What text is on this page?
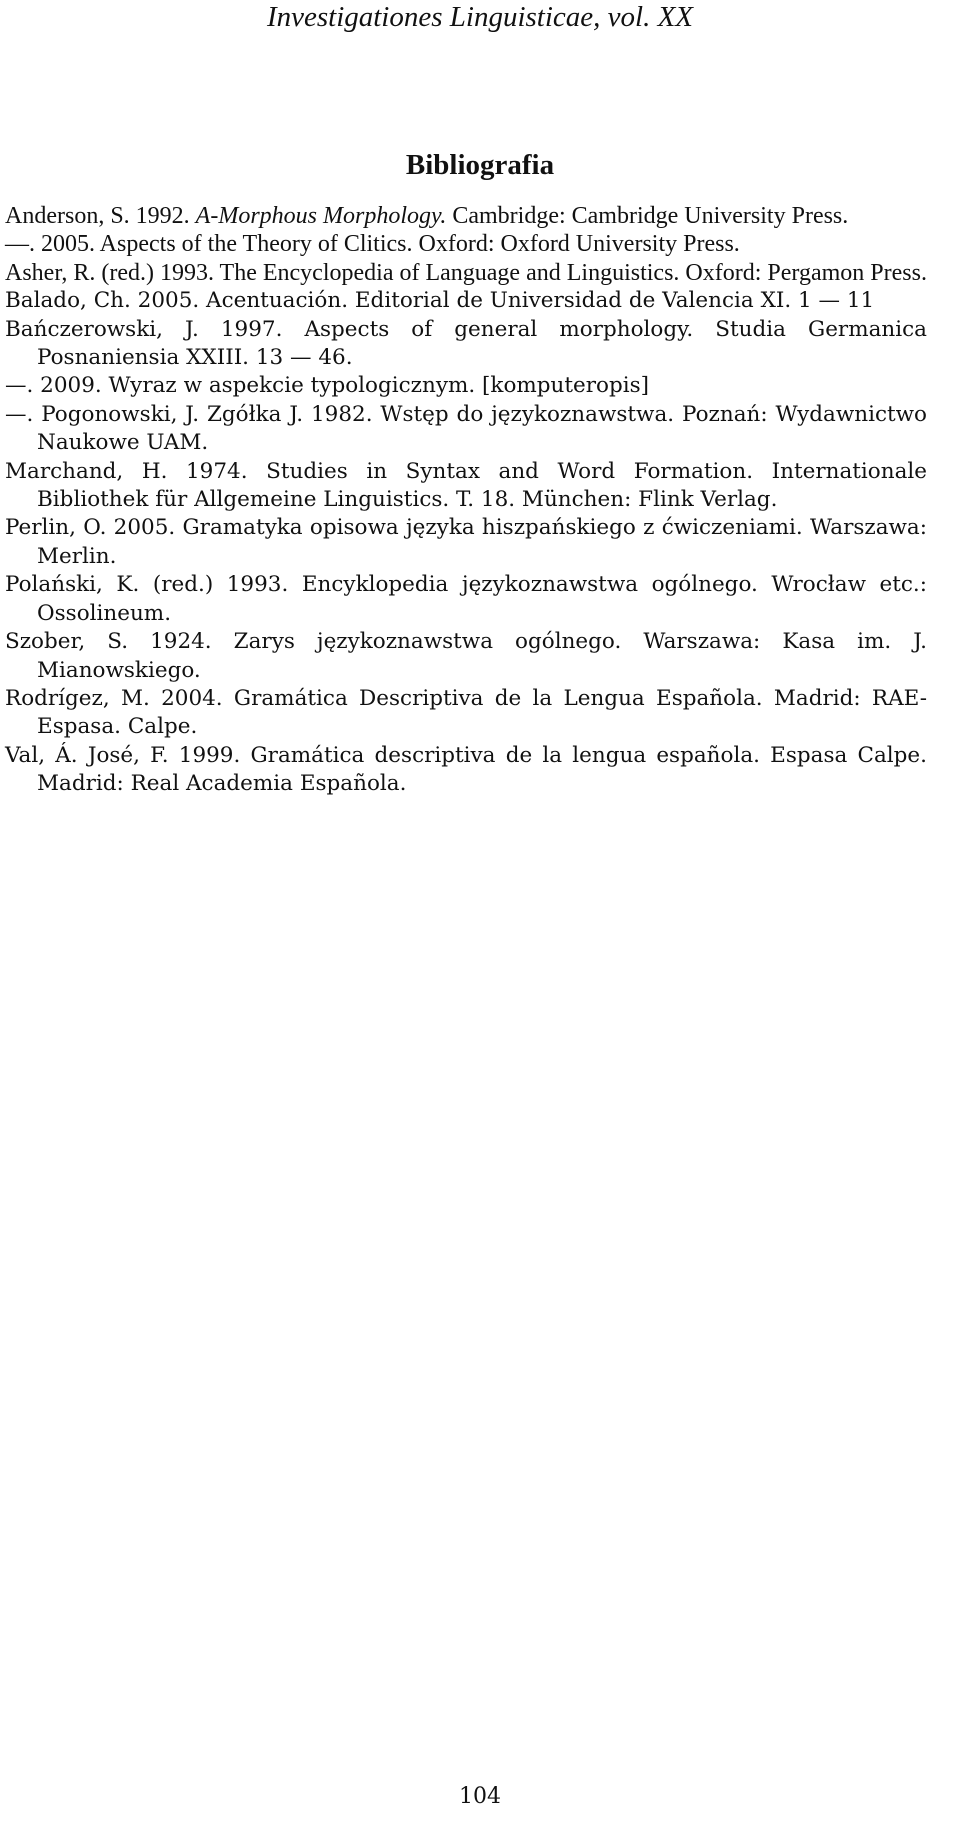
Investigationes Linguisticae, vol. XX
Bibliografia
Anderson, S. 1992. A-Morphous Morphology. Cambridge: Cambridge University Press.
—. 2005. Aspects of the Theory of Clitics. Oxford: Oxford University Press.
Asher, R. (red.) 1993. The Encyclopedia of Language and Linguistics. Oxford: Pergamon Press.
Balado, Ch. 2005. Acentuación. Editorial de Universidad de Valencia XI. 1 — 11
Bańczerowski, J. 1997. Aspects of general morphology. Studia Germanica Posnaniensia XXIII. 13 — 46.
—. 2009. Wyraz w aspekcie typologicznym. [komputeropis]
—. Pogonowski, J. Zgółka J. 1982. Wstęp do językoznawstwa. Poznań: Wydawnictwo Naukowe UAM.
Marchand, H. 1974. Studies in Syntax and Word Formation. Internationale Bibliothek für Allgemeine Linguistics. T. 18. München: Flink Verlag.
Perlin, O. 2005. Gramatyka opisowa języka hiszpańskiego z ćwiczeniami. Warszawa: Merlin.
Polański, K. (red.) 1993. Encyklopedia językoznawstwa ogólnego. Wrocław etc.: Ossolineum.
Szober, S. 1924. Zarys językoznawstwa ogólnego. Warszawa: Kasa im. J. Mianowskiego.
Rodrígez, M. 2004. Gramática Descriptiva de la Lengua Española. Madrid: RAE-Espasa. Calpe.
Val, Á. José, F. 1999. Gramática descriptiva de la lengua española. Espasa Calpe. Madrid: Real Academia Española.
104
